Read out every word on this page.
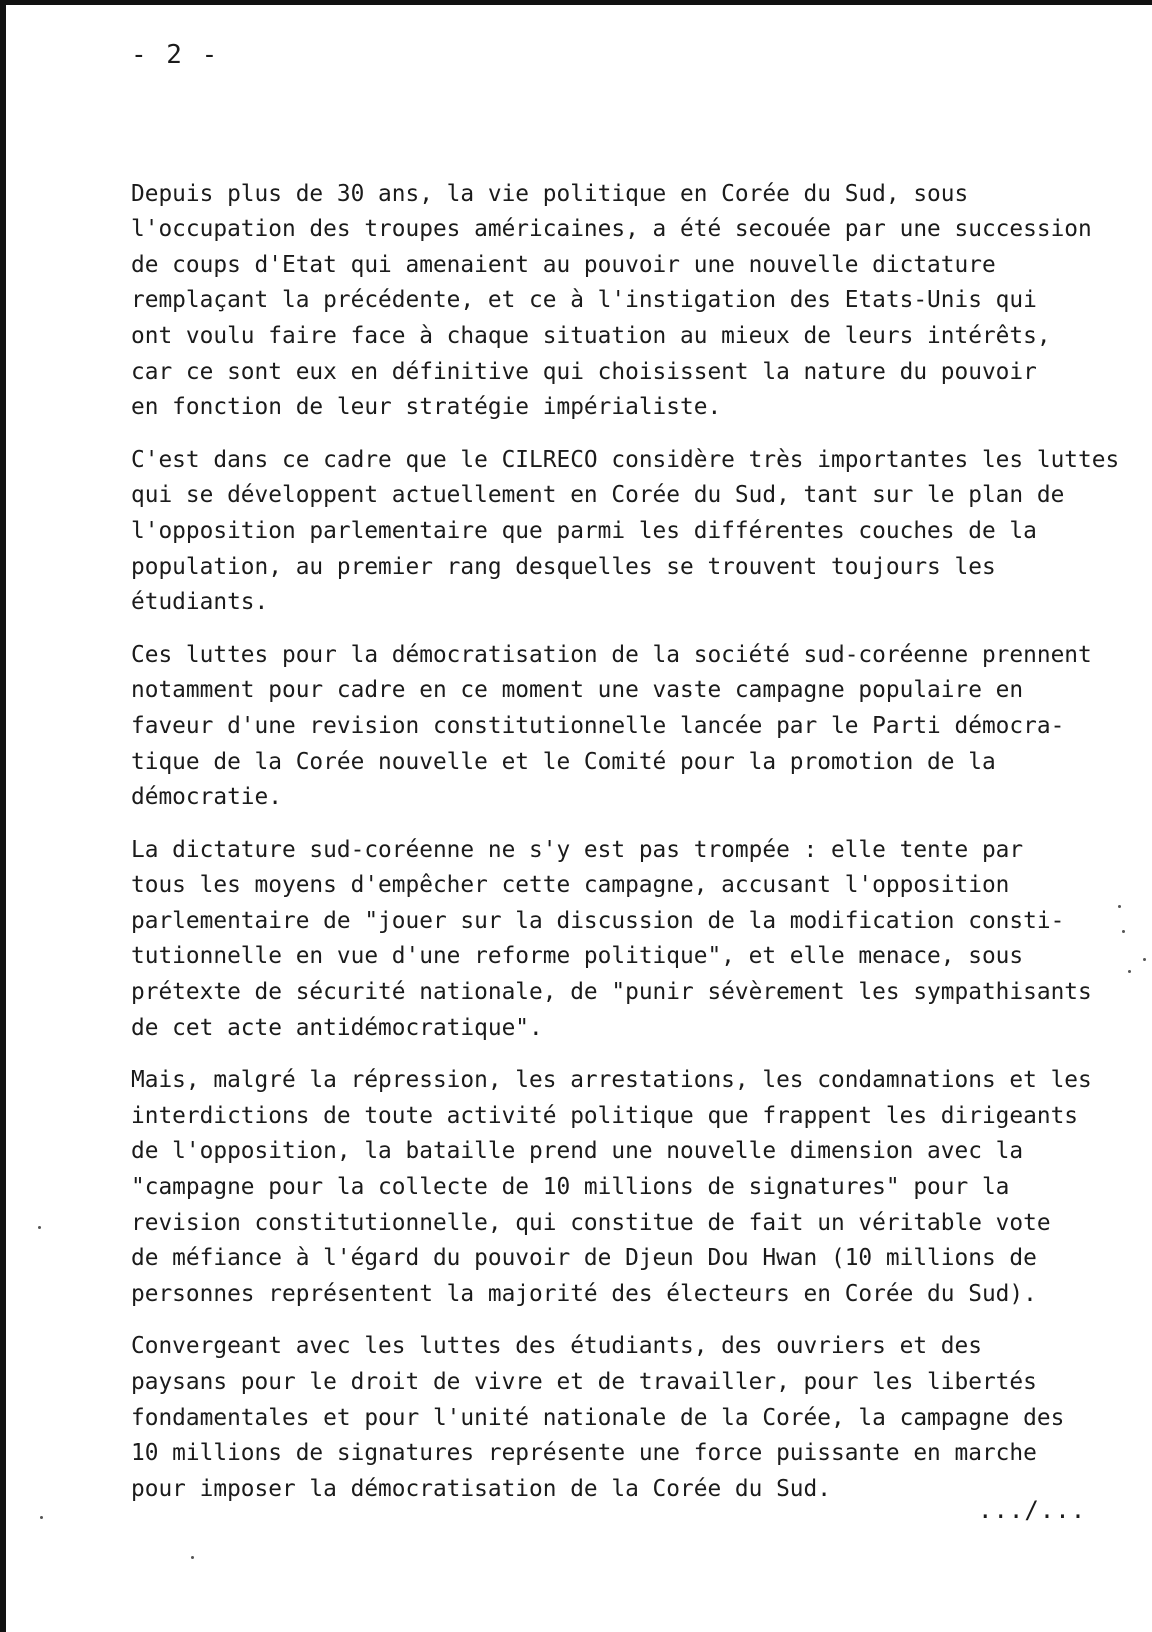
- 2 -

Depuis plus de 30 ans, la vie politique en Corée du Sud, sous
l'occupation des troupes américaines, a été secouée par une succession
de coups d'Etat qui amenaient au pouvoir une nouvelle dictature
remplaçant la précédente, et ce à l'instigation des Etats-Unis qui
ont voulu faire face à chaque situation au mieux de leurs intérêts,
car ce sont eux en définitive qui choisissent la nature du pouvoir
en fonction de leur stratégie impérialiste.

C'est dans ce cadre que le CILRECO considère très importantes les luttes
qui se développent actuellement en Corée du Sud, tant sur le plan de
l'opposition parlementaire que parmi les différentes couches de la
population, au premier rang desquelles se trouvent toujours les
étudiants.

Ces luttes pour la démocratisation de la société sud-coréenne prennent
notamment pour cadre en ce moment une vaste campagne populaire en
faveur d'une revision constitutionnelle lancée par le Parti démocra-
tique de la Corée nouvelle et le Comité pour la promotion de la
démocratie.

La dictature sud-coréenne ne s'y est pas trompée : elle tente par
tous les moyens d'empêcher cette campagne, accusant l'opposition
parlementaire de "jouer sur la discussion de la modification consti-
tutionnelle en vue d'une reforme politique", et elle menace, sous
prétexte de sécurité nationale, de "punir sévèrement les sympathisants
de cet acte antidémocratique".

Mais, malgré la répression, les arrestations, les condamnations et les
interdictions de toute activité politique que frappent les dirigeants
de l'opposition, la bataille prend une nouvelle dimension avec la
"campagne pour la collecte de 10 millions de signatures" pour la
revision constitutionnelle, qui constitue de fait un véritable vote
de méfiance à l'égard du pouvoir de Djeun Dou Hwan (10 millions de
personnes représentent la majorité des électeurs en Corée du Sud).

Convergeant avec les luttes des étudiants, des ouvriers et des
paysans pour le droit de vivre et de travailler, pour les libertés
fondamentales et pour l'unité nationale de la Corée, la campagne des
10 millions de signatures représente une force puissante en marche
pour imposer la démocratisation de la Corée du Sud.

.../...
